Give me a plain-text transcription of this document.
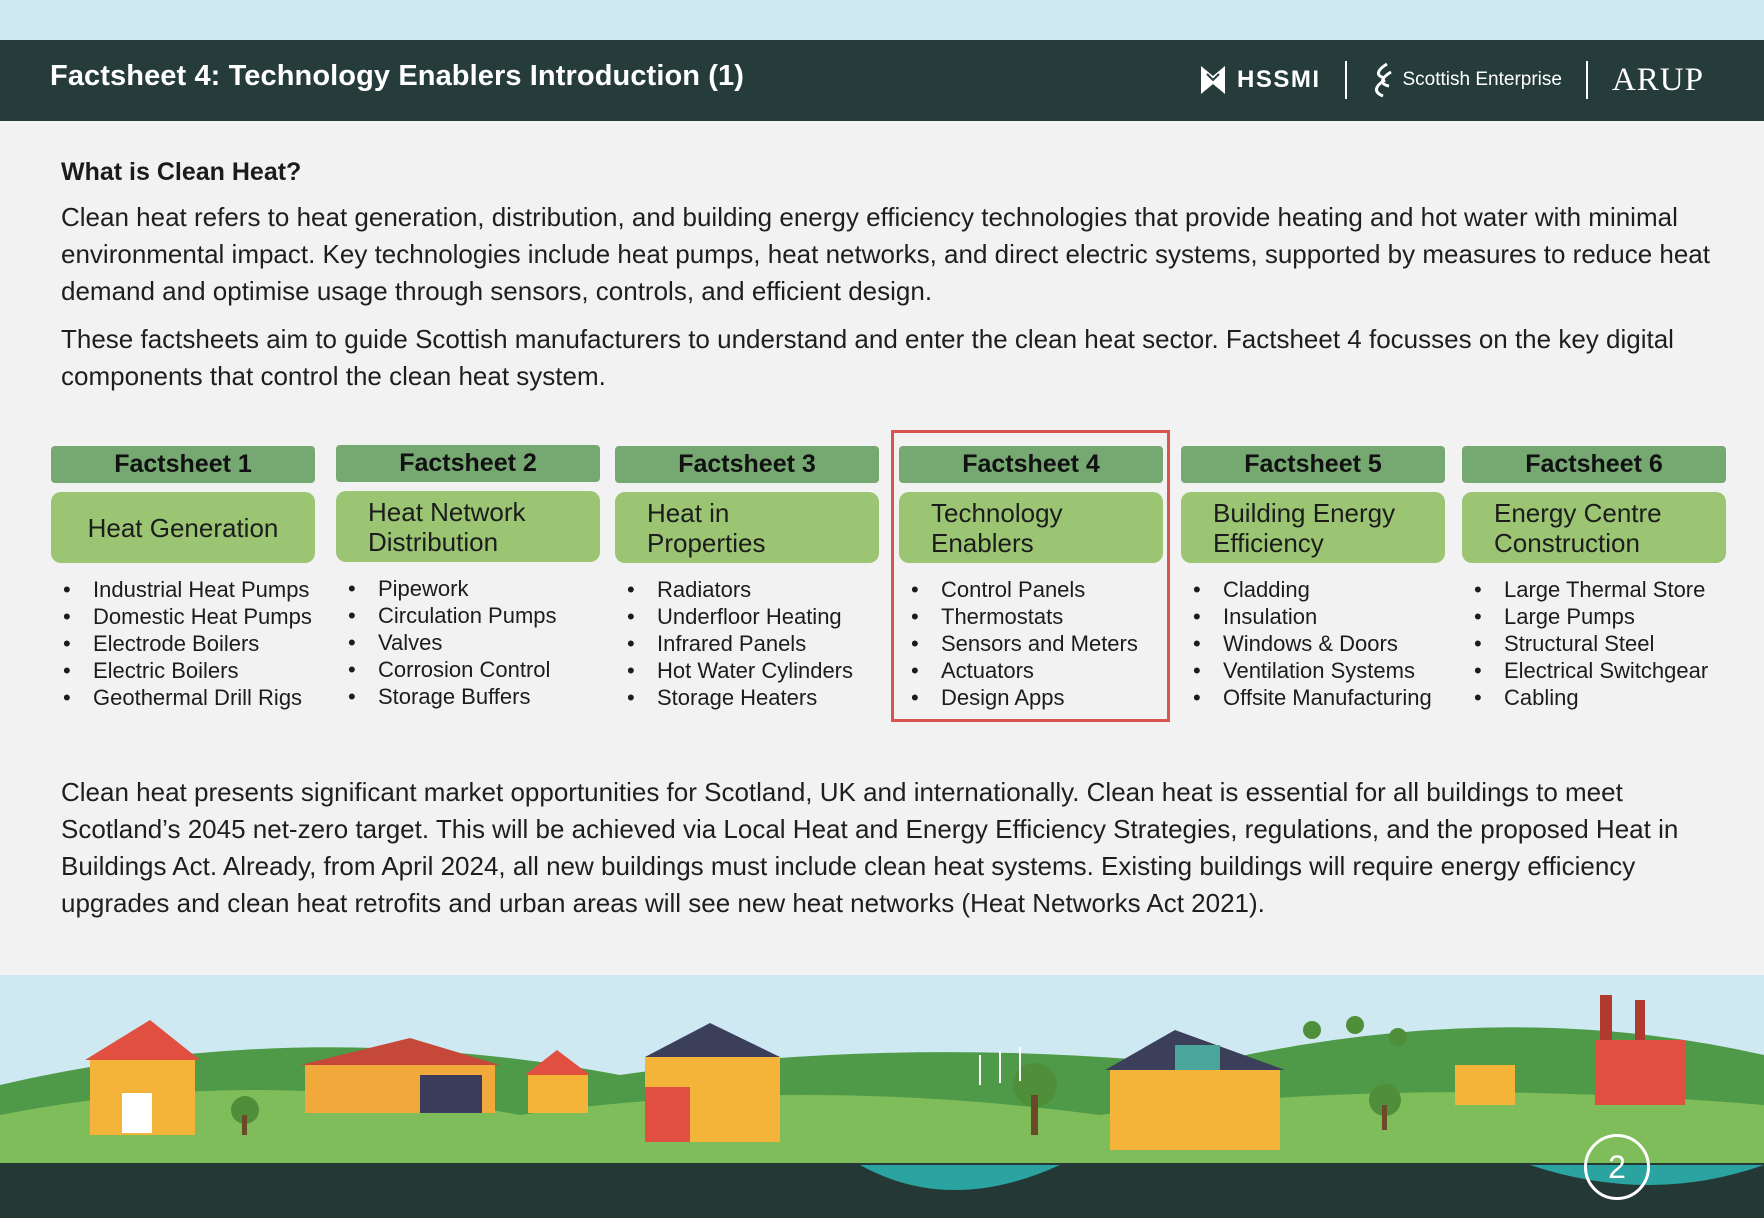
Factsheet 4: Technology Enablers Introduction (1)	HSSMI	Scottish Enterprise ARUP
What is Clean Heat?

Clean heat refers to heat generation, distribution, and building energy efficiency technologies that provide heating and hot water with minimal environmental impact. Key technologies include heat pumps, heat networks, and direct electric systems, supported by measures to reduce heat demand and optimise usage through sensors, controls, and efficient design.

These factsheets aim to guide Scottish manufacturers to understand and enter the clean heat sector. Factsheet 4 focusses on the key digital components that control the clean heat system.

Factsheet 1
Heat Generation
• Industrial Heat Pumps
• Domestic Heat Pumps
• Electrode Boilers
• Electric Boilers
• Geothermal Drill Rigs
Factsheet 2
Heat Network Distribution
• Pipework
• Circulation Pumps
• Valves
• Corrosion Control
• Storage Buffers
Factsheet 3
Heat in Properties
• Radiators
• Underfloor Heating
• Infrared Panels
• Hot Water Cylinders
• Storage Heaters
Factsheet 4
Technology Enablers
• Control Panels
• Thermostats
• Sensors and Meters
• Actuators
• Design Apps
Factsheet 5
Building Energy Efficiency
• Cladding
• Insulation
• Windows & Doors
• Ventilation Systems
• Offsite Manufacturing
Factsheet 6
Energy Centre Construction
• Large Thermal Store
• Large Pumps
• Structural Steel
• Electrical Switchgear
• Cabling

Clean heat presents significant market opportunities for Scotland, UK and internationally. Clean heat is essential for all buildings to meet Scotland’s 2045 net-zero target. This will be achieved via Local Heat and Energy Efficiency Strategies, regulations, and the proposed Heat in Buildings Act. Already, from April 2024, all new buildings must include clean heat systems. Existing buildings will require energy efficiency upgrades and clean heat retrofits and urban areas will see new heat networks (Heat Networks Act 2021).

2
